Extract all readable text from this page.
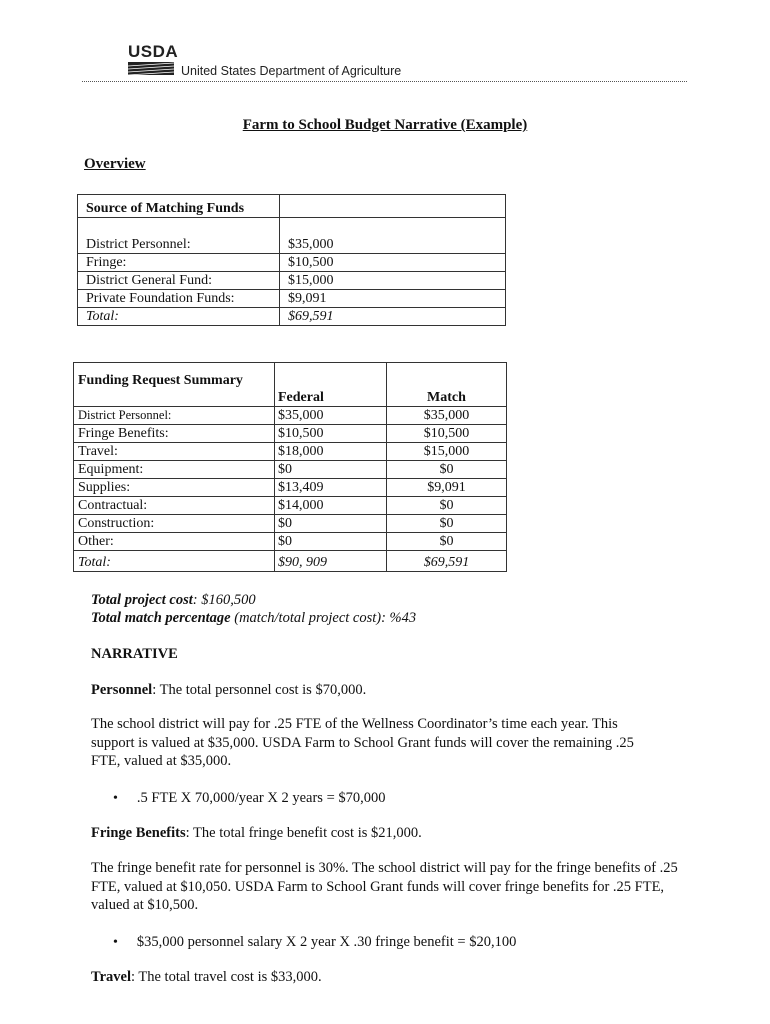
USDA
United States Department of Agriculture
Farm to School Budget Narrative (Example)
Overview
Source of Matching Funds	

District Personnel:	$35,000
Fringe:	$10,500
District General Fund:	$15,000
Private Foundation Funds:	$9,091
Total:	$69,591
Funding Request Summary		
	Federal	Match
District Personnel:	$35,000	$35,000
Fringe Benefits:	$10,500	$10,500
Travel:	$18,000	$15,000
Equipment:	$0	$0
Supplies:	$13,409	$9,091
Contractual:	$14,000	$0
Construction:	$0	$0
Other:	$0	$0
Total:	$90, 909	$69,591
Total project cost: $160,500
Total match percentage (match/total project cost): %43
NARRATIVE
Personnel: The total personnel cost is $70,000.
The school district will pay for .25 FTE of the Wellness Coordinator’s time each year. This support is valued at $35,000. USDA Farm to School Grant funds will cover the remaining .25 FTE, valued at $35,000.
• .5 FTE X 70,000/year X 2 years = $70,000
Fringe Benefits: The total fringe benefit cost is $21,000.
The fringe benefit rate for personnel is 30%. The school district will pay for the fringe benefits of .25 FTE, valued at $10,050. USDA Farm to School Grant funds will cover fringe benefits for .25 FTE, valued at $10,500.
• $35,000 personnel salary X 2 year X .30 fringe benefit = $20,100
Travel: The total travel cost is $33,000.
